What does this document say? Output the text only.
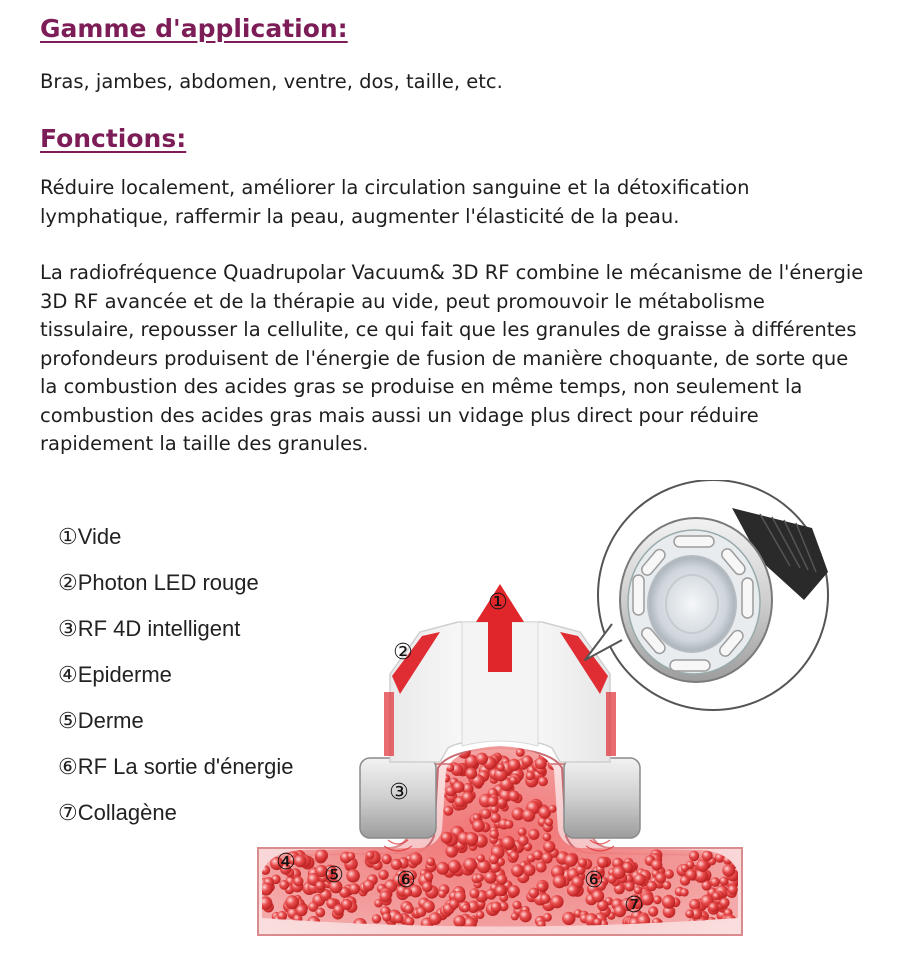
Gamme d'application:

Bras, jambes, abdomen, ventre, dos, taille, etc.

Fonctions:

Réduire localement, améliorer la circulation sanguine et la détoxification lymphatique, raffermir la peau, augmenter l'élasticité de la peau.

La radiofréquence Quadrupolar Vacuum& 3D RF combine le mécanisme de l'énergie 3D RF avancée et de la thérapie au vide, peut promouvoir le métabolisme tissulaire, repousser la cellulite, ce qui fait que les granules de graisse à différentes profondeurs produisent de l'énergie de fusion de manière choquante, de sorte que la combustion des acides gras se produise en même temps, non seulement la combustion des acides gras mais aussi un vidage plus direct pour réduire rapidement la taille des granules.

①Vide
②Photon LED rouge
③RF 4D intelligent
④Epiderme
⑤Derme
⑥RF La sortie d'énergie
⑦Collagène
①
②
③
④
⑤ ⑥	⑥
⑦
